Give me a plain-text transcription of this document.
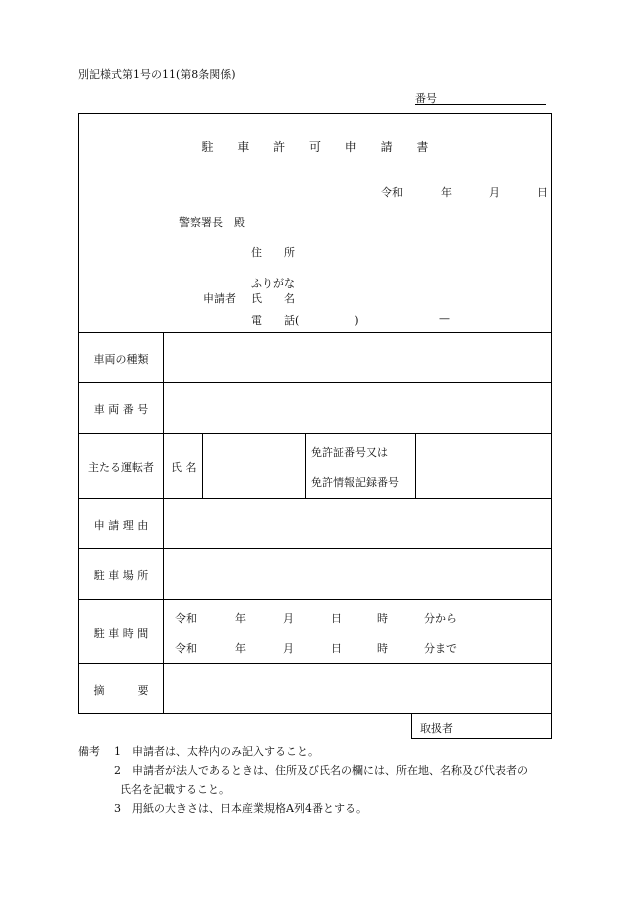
別記様式第1号の11(第8条関係)
番号
駐 車 許 可 申 請 書
令和	年	月	日
警察署長　殿
住　　所
ふりがな
申請者 氏　　名
電　　話(　　　　　)	—
車両の種類
車 両 番 号
主たる運転者	氏 名
免許証番号又は
免許情報記録番号
申 請 理 由
駐 車 場 所
駐 車 時 間
令和	年	月	日	時	分から
令和	年	月	日	時	分まで
摘　　　要
取扱者
備考 1 申請者は、太枠内のみ記入すること。
2 申請者が法人であるときは、住所及び氏名の欄には、所在地、名称及び代表者の

氏名を記載すること。

3 用紙の大きさは、日本産業規格A列4番とする。
